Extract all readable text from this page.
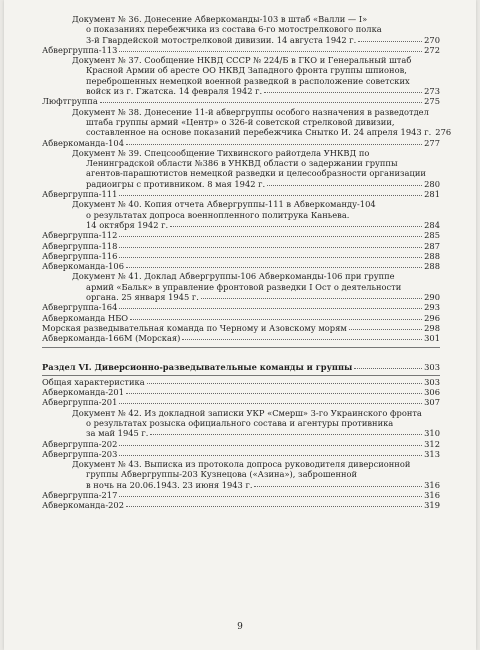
Документ № 36. Донесение Абверкоманды-103 в штаб «Валли — I»
о показаниях перебежчика из состава 6-го мотострелкового полка
3-й Гвардейской мотострелковой дивизии. 14 августа 1942 г.	270
Абвергруппа-113	272
Документ № 37. Сообщение НКВД СССР № 224/Б в ГКО и Генеральный штаб
Красной Армии об аресте ОО НКВД Западного фронта группы шпионов,
переброшенных немецкой военной разведкой в расположение советских
войск из г. Гжатска. 14 февраля 1942 г.	273
Люфтгруппа	275
Документ № 38. Донесение 11-й абвергруппы особого назначения в разведотдел
штаба группы армий «Центр» о 326-й советской стрелковой дивизии,
составленное на основе показаний перебежчика Сныткo И. 24 апреля 1943 г. 276
Абверкоманда-104	277
Документ № 39. Спецсообщение Тихвинского райотдела УНКВД по
Ленинградской области №386 в УНКВД области о задержании группы
агентов-парашютистов немецкой разведки и целесообразности организации
радиоигры с противником. 8 мая 1942 г.	280
Абвергруппа-111	281
Документ № 40. Копия отчета Абвергруппы-111 в Абверкоманду-104
о результатах допроса военнопленного политрука Каньева.
14 октября 1942 г.	284
Абвергруппа-112	285
Абвергруппа-118	287
Абвергруппа-116	288
Абверкоманда-106	288
Документ № 41. Доклад Абвергруппы-106 Абверкоманды-106 при группе
армий «Бальк» в управление фронтовой разведки I Ост о деятельности
органа. 25 января 1945 г.	290
Абвергруппа-164	293
Абверкоманда НБО	296
Морская разведывательная команда по Черному и Азовскому морям	298
Абверкоманда-166М (Морская)	301
Раздел VI. Диверсионно-разведывательные команды и группы	303
Общая характеристика	303
Абверкоманда-201	306
Абвергруппа-201	307
Документ № 42. Из докладной записки УКР «Смерш» 3-го Украинского фронта
о результатах розыска официального состава и агентуры противника
за май 1945 г.	310
Абвергруппа-202	312
Абвергруппа-203	313
Документ № 43. Выписка из протокола допроса руководителя диверсионной
группы Абвергруппы-203 Кузнецова («Азина»), заброшенной
в ночь на 20.06.1943. 23 июня 1943 г.	316
Абвергруппа-217	316
Абверкоманда-202	319
9
